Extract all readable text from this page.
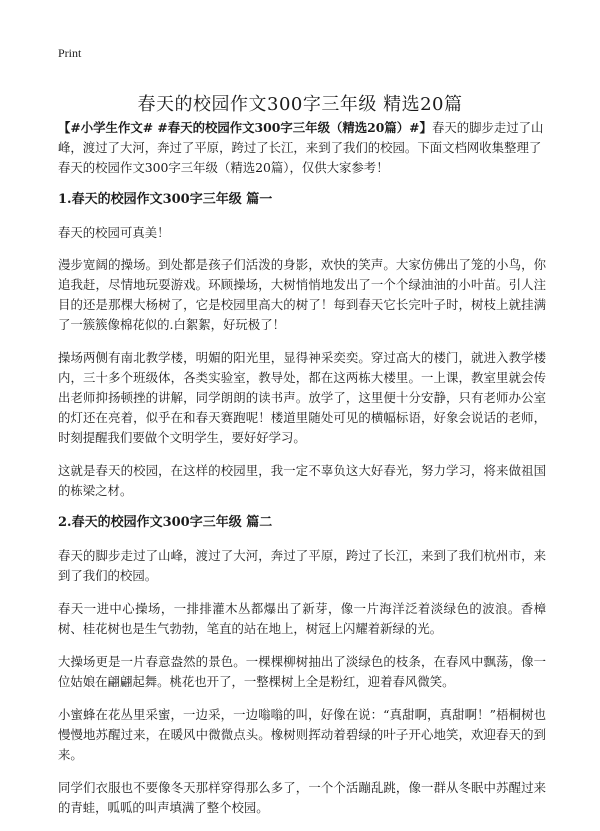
Print
春天的校园作文300字三年级 精选20篇

【#小学生作文# #春天的校园作文300字三年级（精选20篇）#】春天的脚步走过了山峰，渡过了大河，奔过了平原，跨过了长江，来到了我们的校园。下面文档网收集整理了春天的校园作文300字三年级（精选20篇），仅供大家参考！

1.春天的校园作文300字三年级 篇一

春天的校园可真美！

漫步宽阔的操场。到处都是孩子们活泼的身影，欢快的笑声。大家仿佛出了笼的小鸟，你追我赶，尽情地玩耍游戏。环顾操场，大树悄悄地发出了一个个绿油油的小叶苗。引人注目的还是那棵大杨树了，它是校园里高大的树了！每到春天它长完叶子时，树枝上就挂满了一簇簇像棉花似的.白絮絮，好玩极了！

操场两侧有南北教学楼，明媚的阳光里，显得神采奕奕。穿过高大的楼门，就进入教学楼内，三十多个班级体，各类实验室，教导处，都在这两栋大楼里。一上课，教室里就会传出老师抑扬顿挫的讲解，同学朗朗的读书声。放学了，这里便十分安静，只有老师办公室的灯还在亮着，似乎在和春天赛跑呢！楼道里随处可见的横幅标语，好象会说话的老师，时刻提醒我们要做个文明学生，要好好学习。

这就是春天的校园，在这样的校园里，我一定不辜负这大好春光，努力学习，将来做祖国的栋梁之材。

2.春天的校园作文300字三年级 篇二

春天的脚步走过了山峰，渡过了大河，奔过了平原，跨过了长江，来到了我们杭州市，来到了我们的校园。

春天一进中心操场，一排排灌木丛都爆出了新芽，像一片海洋泛着淡绿色的波浪。香樟树、桂花树也是生气勃勃，笔直的站在地上，树冠上闪耀着新绿的光。

大操场更是一片春意盎然的景色。一棵棵柳树抽出了淡绿色的枝条，在春风中飘荡，像一位姑娘在翩翩起舞。桃花也开了，一整棵树上全是粉红，迎着春风微笑。

小蜜蜂在花丛里采蜜，一边采，一边嗡嗡的叫，好像在说：“真甜啊，真甜啊！”梧桐树也慢慢地苏醒过来，在暖风中微微点头。橡树则挥动着碧绿的叶子开心地笑，欢迎春天的到来。

同学们衣服也不要像冬天那样穿得那么多了，一个个活蹦乱跳，像一群从冬眠中苏醒过来的青蛙，呱呱的叫声填满了整个校园。
